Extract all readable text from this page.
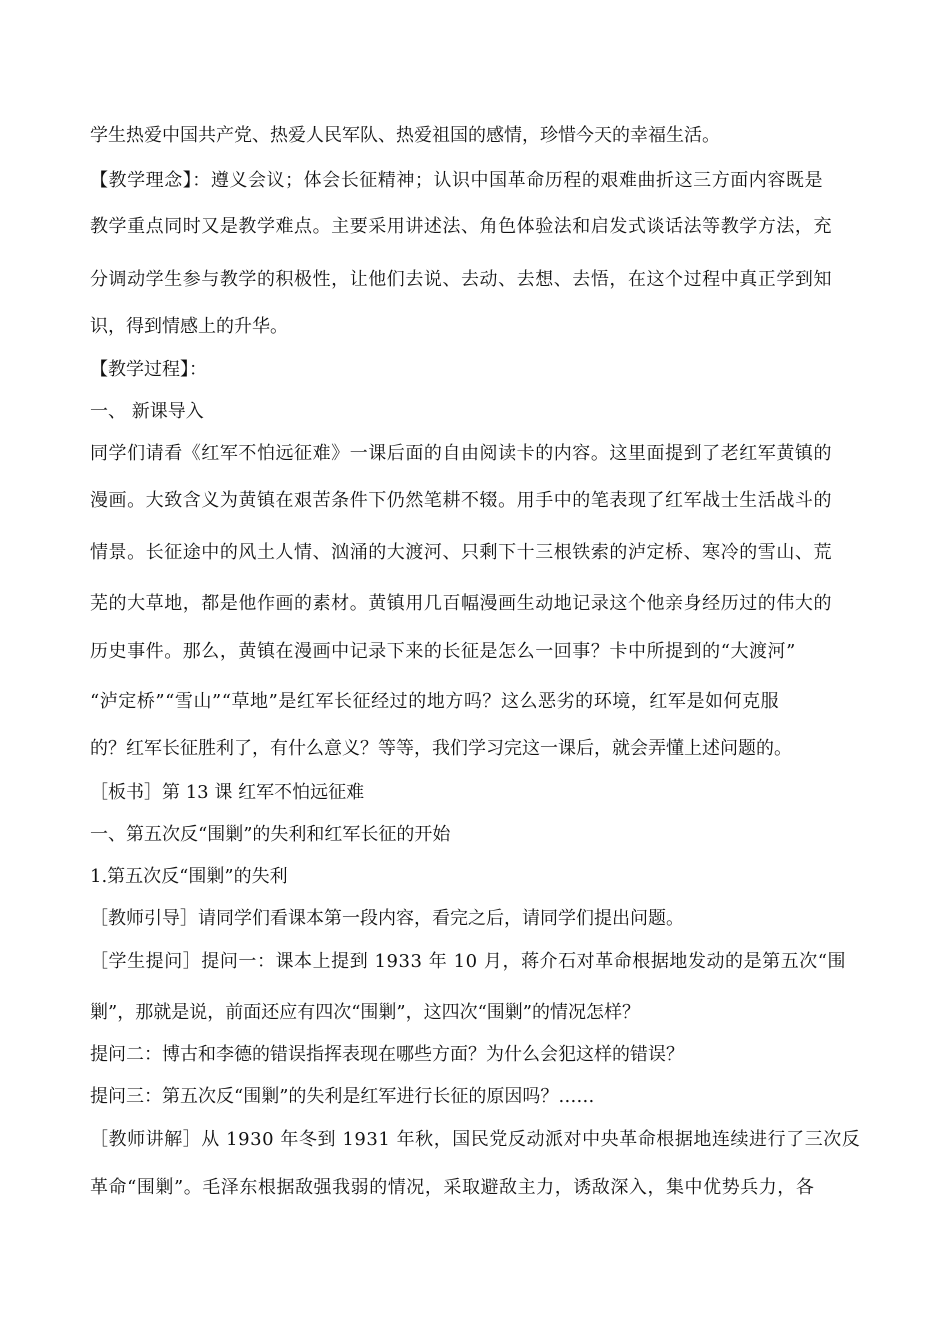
学生热爱中国共产党、热爱人民军队、热爱祖国的感情，珍惜今天的幸福生活。
【教学理念】：遵义会议；体会长征精神；认识中国革命历程的艰难曲折这三方面内容既是
教学重点同时又是教学难点。主要采用讲述法、角色体验法和启发式谈话法等教学方法，充
分调动学生参与教学的积极性，让他们去说、去动、去想、去悟，在这个过程中真正学到知
识，得到情感上的升华。
【教学过程】：
一、 新课导入
同学们请看《红军不怕远征难》一课后面的自由阅读卡的内容。这里面提到了老红军黄镇的
漫画。大致含义为黄镇在艰苦条件下仍然笔耕不辍。用手中的笔表现了红军战士生活战斗的
情景。长征途中的风土人情、汹涌的大渡河、只剩下十三根铁索的泸定桥、寒冷的雪山、荒
芜的大草地，都是他作画的素材。黄镇用几百幅漫画生动地记录这个他亲身经历过的伟大的
历史事件。那么，黄镇在漫画中记录下来的长征是怎么一回事？卡中所提到的“大渡河”
“泸定桥”“雪山”“草地”是红军长征经过的地方吗？这么恶劣的环境，红军是如何克服
的？红军长征胜利了，有什么意义？等等，我们学习完这一课后，就会弄懂上述问题的。
［板书］第 13 课 红军不怕远征难
一、第五次反“围剿”的失利和红军长征的开始
1.第五次反“围剿”的失利
［教师引导］请同学们看课本第一段内容，看完之后，请同学们提出问题。
［学生提问］提问一：课本上提到 1933 年 10 月，蒋介石对革命根据地发动的是第五次“围
剿”，那就是说，前面还应有四次“围剿”，这四次“围剿”的情况怎样？
提问二：博古和李德的错误指挥表现在哪些方面？为什么会犯这样的错误？
提问三：第五次反“围剿”的失利是红军进行长征的原因吗？……
［教师讲解］从 1930 年冬到 1931 年秋，国民党反动派对中央革命根据地连续进行了三次反
革命“围剿”。毛泽东根据敌强我弱的情况，采取避敌主力，诱敌深入，集中优势兵力，各
